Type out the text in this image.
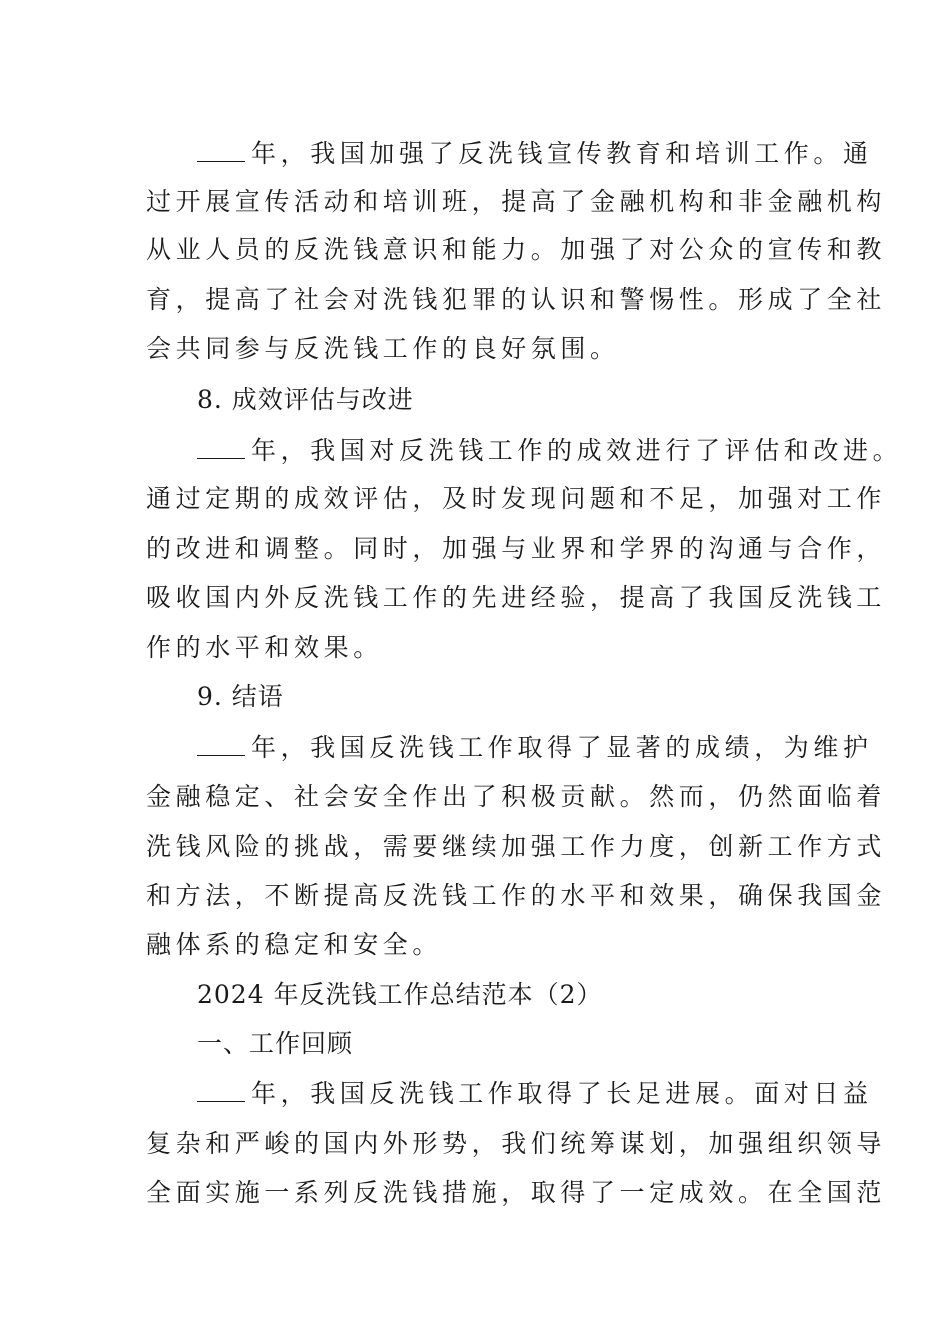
年，我国加强了反洗钱宣传教育和培训工作。通
过开展宣传活动和培训班，提高了金融机构和非金融机构
从业人员的反洗钱意识和能力。加强了对公众的宣传和教
育，提高了社会对洗钱犯罪的认识和警惕性。形成了全社
会共同参与反洗钱工作的良好氛围。
8. 成效评估与改进
年，我国对反洗钱工作的成效进行了评估和改进。
通过定期的成效评估，及时发现问题和不足，加强对工作
的改进和调整。同时，加强与业界和学界的沟通与合作，
吸收国内外反洗钱工作的先进经验，提高了我国反洗钱工
作的水平和效果。
9. 结语
年，我国反洗钱工作取得了显著的成绩，为维护
金融稳定、社会安全作出了积极贡献。然而，仍然面临着
洗钱风险的挑战，需要继续加强工作力度，创新工作方式
和方法，不断提高反洗钱工作的水平和效果，确保我国金
融体系的稳定和安全。
2024 年反洗钱工作总结范本（2）
一、工作回顾
年，我国反洗钱工作取得了长足进展。面对日益
复杂和严峻的国内外形势，我们统筹谋划，加强组织领导
全面实施一系列反洗钱措施，取得了一定成效。在全国范
